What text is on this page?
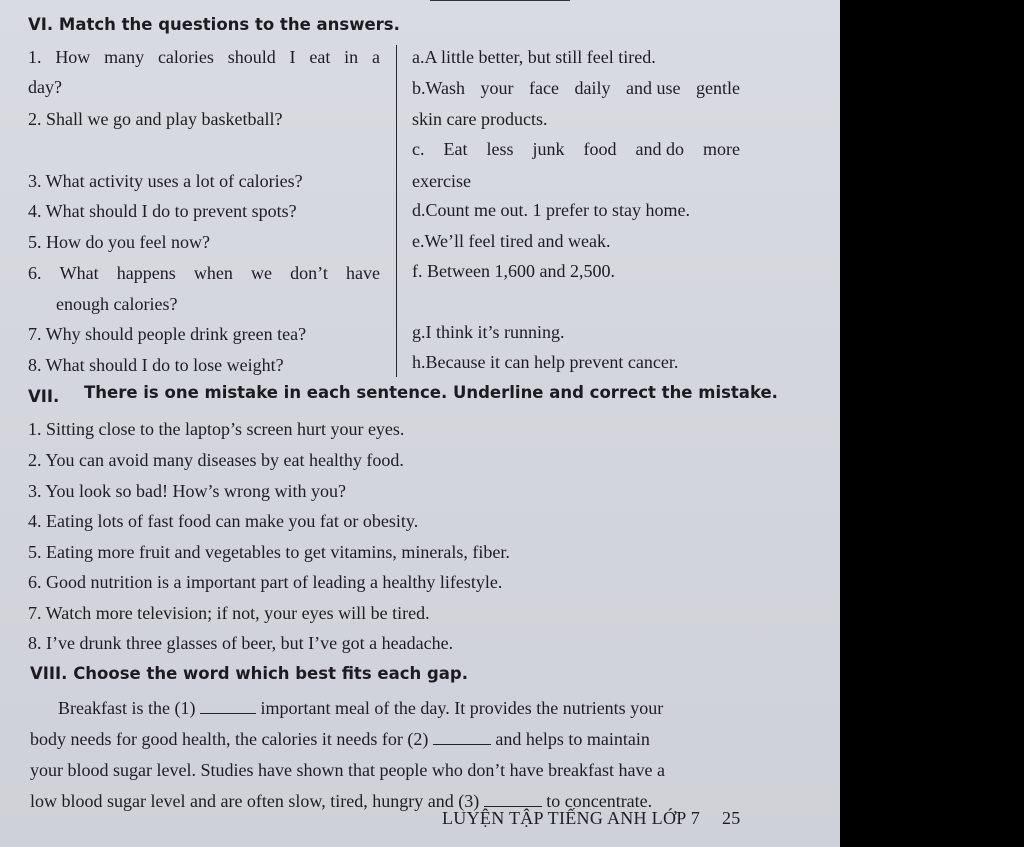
VI. Match the questions to the answers.
1. How many calories should I eat in a
day?
2. Shall we go and play basketball?
3. What activity uses a lot of calories?
4. What should I do to prevent spots?
5. How do you feel now?
6. What happens when we don’t have
enough calories?
7. Why should people drink green tea?
8. What should I do to lose weight?
a.A little better, but still feel tired.
b.Wash your face daily and use gentle
skin care products.
c. Eat less junk food and do more
exercise
d.Count me out. 1 prefer to stay home.
e.We’ll feel tired and weak.
f. Between 1,600 and 2,500.
g.I think it’s running.
h.Because it can help prevent cancer.
VII. There is one mistake in each sentence. Underline and correct the mistake.
1. Sitting close to the laptop’s screen hurt your eyes.
2. You can avoid many diseases by eat healthy food.
3. You look so bad! How’s wrong with you?
4. Eating lots of fast food can make you fat or obesity.
5. Eating more fruit and vegetables to get vitamins, minerals, fiber.
6. Good nutrition is a important part of leading a healthy lifestyle.
7. Watch more television; if not, your eyes will be tired.
8. I’ve drunk three glasses of beer, but I’ve got a headache.
VIII. Choose the word which best fits each gap.
Breakfast is the (1)	important meal of the day. It provides the nutrients your
body needs for good health, the calories it needs for (2)	and helps to maintain
your blood sugar level. Studies have shown that people who don’t have breakfast have a
low blood sugar level and are often slow, tired, hungry and (3)	to concentrate.
LUYỆN TẬP TIẾNG ANH LỚP 7 25
